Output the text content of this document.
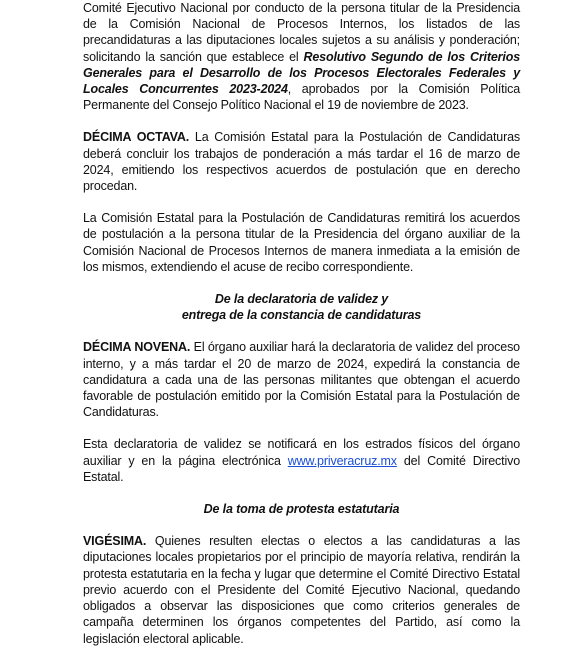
Comité Ejecutivo Nacional por conducto de la persona titular de la Presidencia de la Comisión Nacional de Procesos Internos, los listados de las precandidaturas a las diputaciones locales sujetos a su análisis y ponderación; solicitando la sanción que establece el Resolutivo Segundo de los Criterios Generales para el Desarrollo de los Procesos Electorales Federales y Locales Concurrentes 2023-2024, aprobados por la Comisión Política Permanente del Consejo Político Nacional el 19 de noviembre de 2023.

DÉCIMA OCTAVA. La Comisión Estatal para la Postulación de Candidaturas deberá concluir los trabajos de ponderación a más tardar el 16 de marzo de 2024, emitiendo los respectivos acuerdos de postulación que en derecho procedan.

La Comisión Estatal para la Postulación de Candidaturas remitirá los acuerdos de postulación a la persona titular de la Presidencia del órgano auxiliar de la Comisión Nacional de Procesos Internos de manera inmediata a la emisión de los mismos, extendiendo el acuse de recibo correspondiente.

De la declaratoria de validez y
entrega de la constancia de candidaturas

DÉCIMA NOVENA. El órgano auxiliar hará la declaratoria de validez del proceso interno, y a más tardar el 20 de marzo de 2024, expedirá la constancia de candidatura a cada una de las personas militantes que obtengan el acuerdo favorable de postulación emitido por la Comisión Estatal para la Postulación de Candidaturas.

Esta declaratoria de validez se notificará en los estrados físicos del órgano auxiliar y en la página electrónica www.priveracruz.mx del Comité Directivo Estatal.

De la toma de protesta estatutaria

VIGÉSIMA. Quienes resulten electas o electos a las candidaturas a las diputaciones locales propietarios por el principio de mayoría relativa, rendirán la protesta estatutaria en la fecha y lugar que determine el Comité Directivo Estatal previo acuerdo con el Presidente del Comité Ejecutivo Nacional, quedando obligados a observar las disposiciones que como criterios generales de campaña determinen los órganos competentes del Partido, así como la legislación electoral aplicable.
